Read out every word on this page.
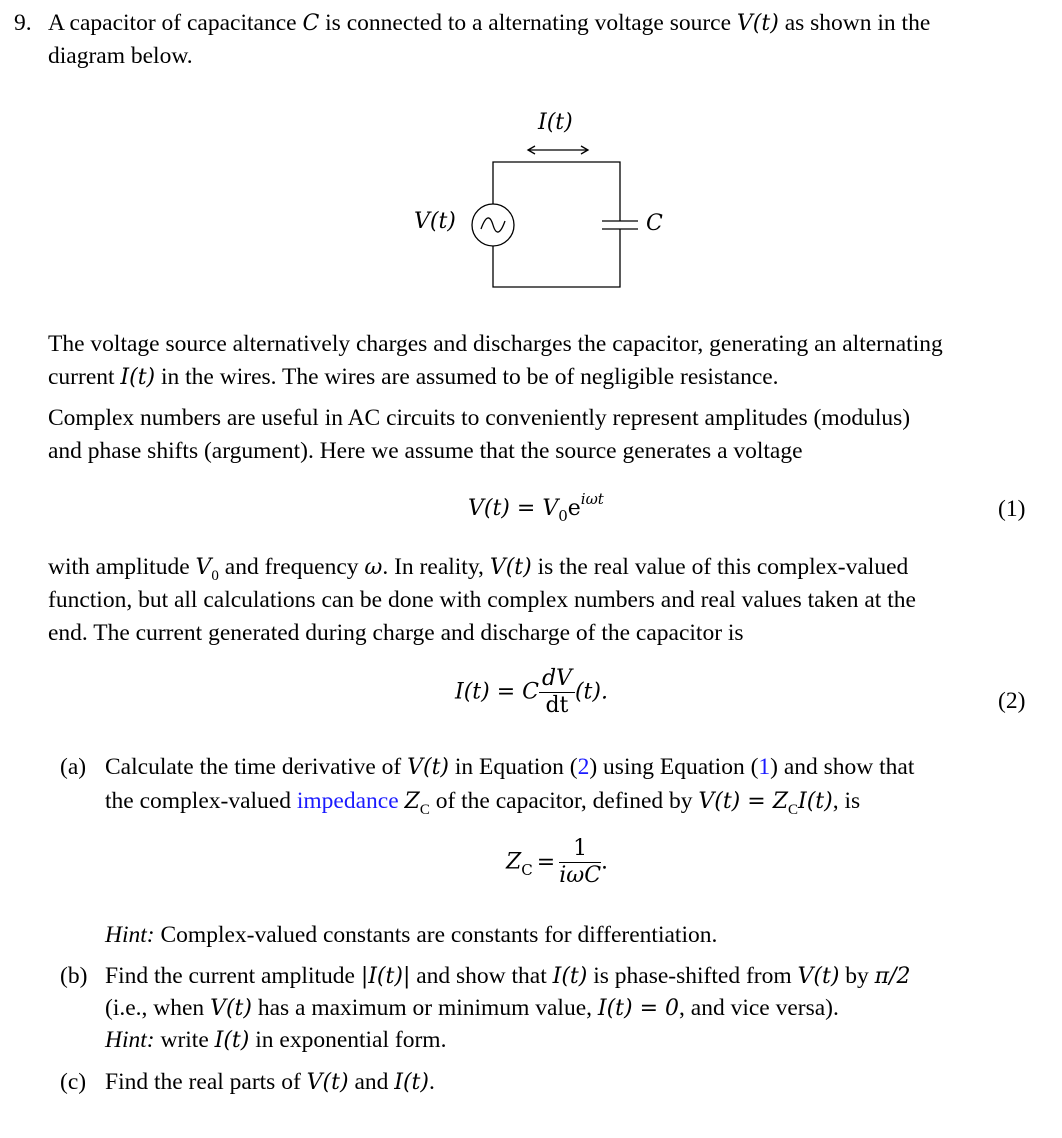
9. A capacitor of capacitance C is connected to a alternating voltage source V(t) as shown in the
diagram below.
I(t)
V(t)	C
The voltage source alternatively charges and discharges the capacitor, generating an alternating
current I(t) in the wires. The wires are assumed to be of negligible resistance.
Complex numbers are useful in AC circuits to conveniently represent amplitudes (modulus)
and phase shifts (argument). Here we assume that the source generates a voltage
$V(t) = V_0e^{i\omega t}$	(1)
with amplitude $V_0$ and frequency ω. In reality, V(t) is the real value of this complex-valued
function, but all calculations can be done with complex numbers and real values taken at the
end. The current generated during charge and discharge of the capacitor is
I(t) = C $\frac{dV}{dt} (t)$.	(2)
(a) Calculate the time derivative of V(t) in Equation (2) using Equation (1) and show that
the complex-valued impedance $Z_C$ of the capacitor, defined by $V(t) = Z_CI(t)$, is
$Z_C = \frac{1}{\text{iωC}}$ .
Hint: Complex-valued constants are constants for differentiation.
(b) Find the current amplitude |I(t)| and show that I(t) is phase-shifted from V(t) by π/2
(i.e., when V(t) has a maximum or minimum value, I(t) = 0, and vice versa).
Hint: write I(t) in exponential form.
(c) Find the real parts of V(t) and I(t).
